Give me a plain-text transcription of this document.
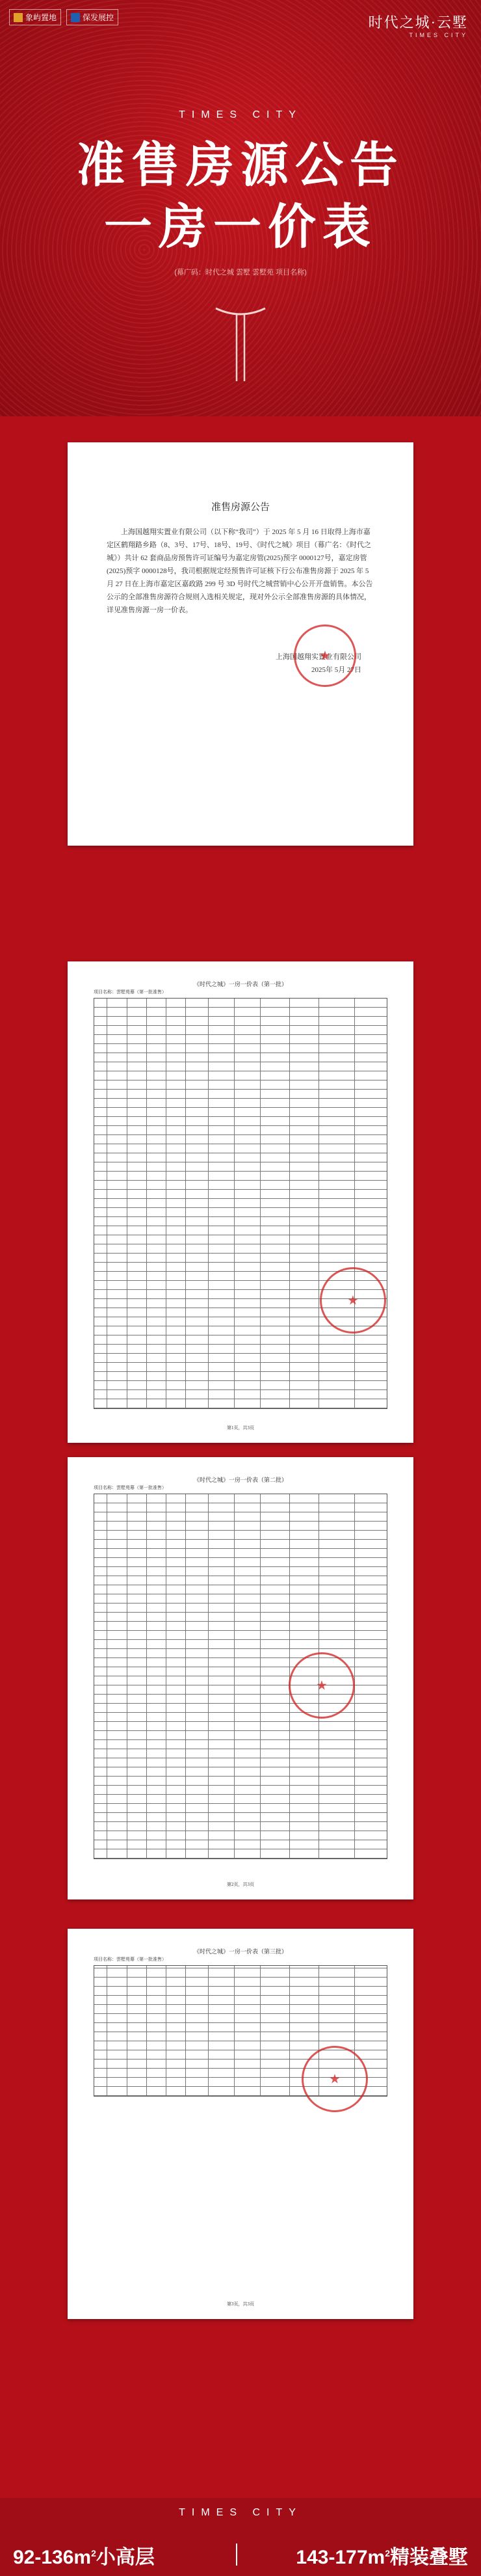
象屿置地	保发展控	时代之城·云墅
TIMES CITY
TIMES CITY
准售房源公告
一房一价表
(幕广码：时代之城 雲墅 雲墅苑 项目名称)
准售房源公告
上海国越翔实置业有限公司（以下称“我司”）于 2025 年 5 月 16 日取得上海市嘉定区鹤翔路乡路（8、3号、17号、18号、19号、《时代之城》项目（幕广名：《时代之城》）共计 62 套商品房预售许可证编号为嘉定房管(2025)预字 0000127号，嘉定房管(2025)预字 0000128号，我司根据规定经预售许可证核下行公布准售房源于 2025 年 5 月 27 日在上海市嘉定区嘉政路 299 号 3D 号时代之城营销中心公开开盘销售。本公告公示的全部准售房源符合规则入选相关规定，现对外公示全部准售房源的具体情况，详见准售房源一房一价表。
上海国越翔实置业有限公司
2025年 5月 27日
★
《时代之城》一房一价表（第一批）
项目名称：雲墅苑幕（第一批准售）
★
第1页，共3页
《时代之城》一房一价表（第二批）
项目名称：雲墅苑幕（第一批准售）
★
第2页，共3页
《时代之城》一房一价表（第三批）
项目名称：雲墅苑幕（第一批准售）
★
第3页，共3页
TIMES CITY
$92-136m^2$小高层	$143-177m^2$精装叠墅
